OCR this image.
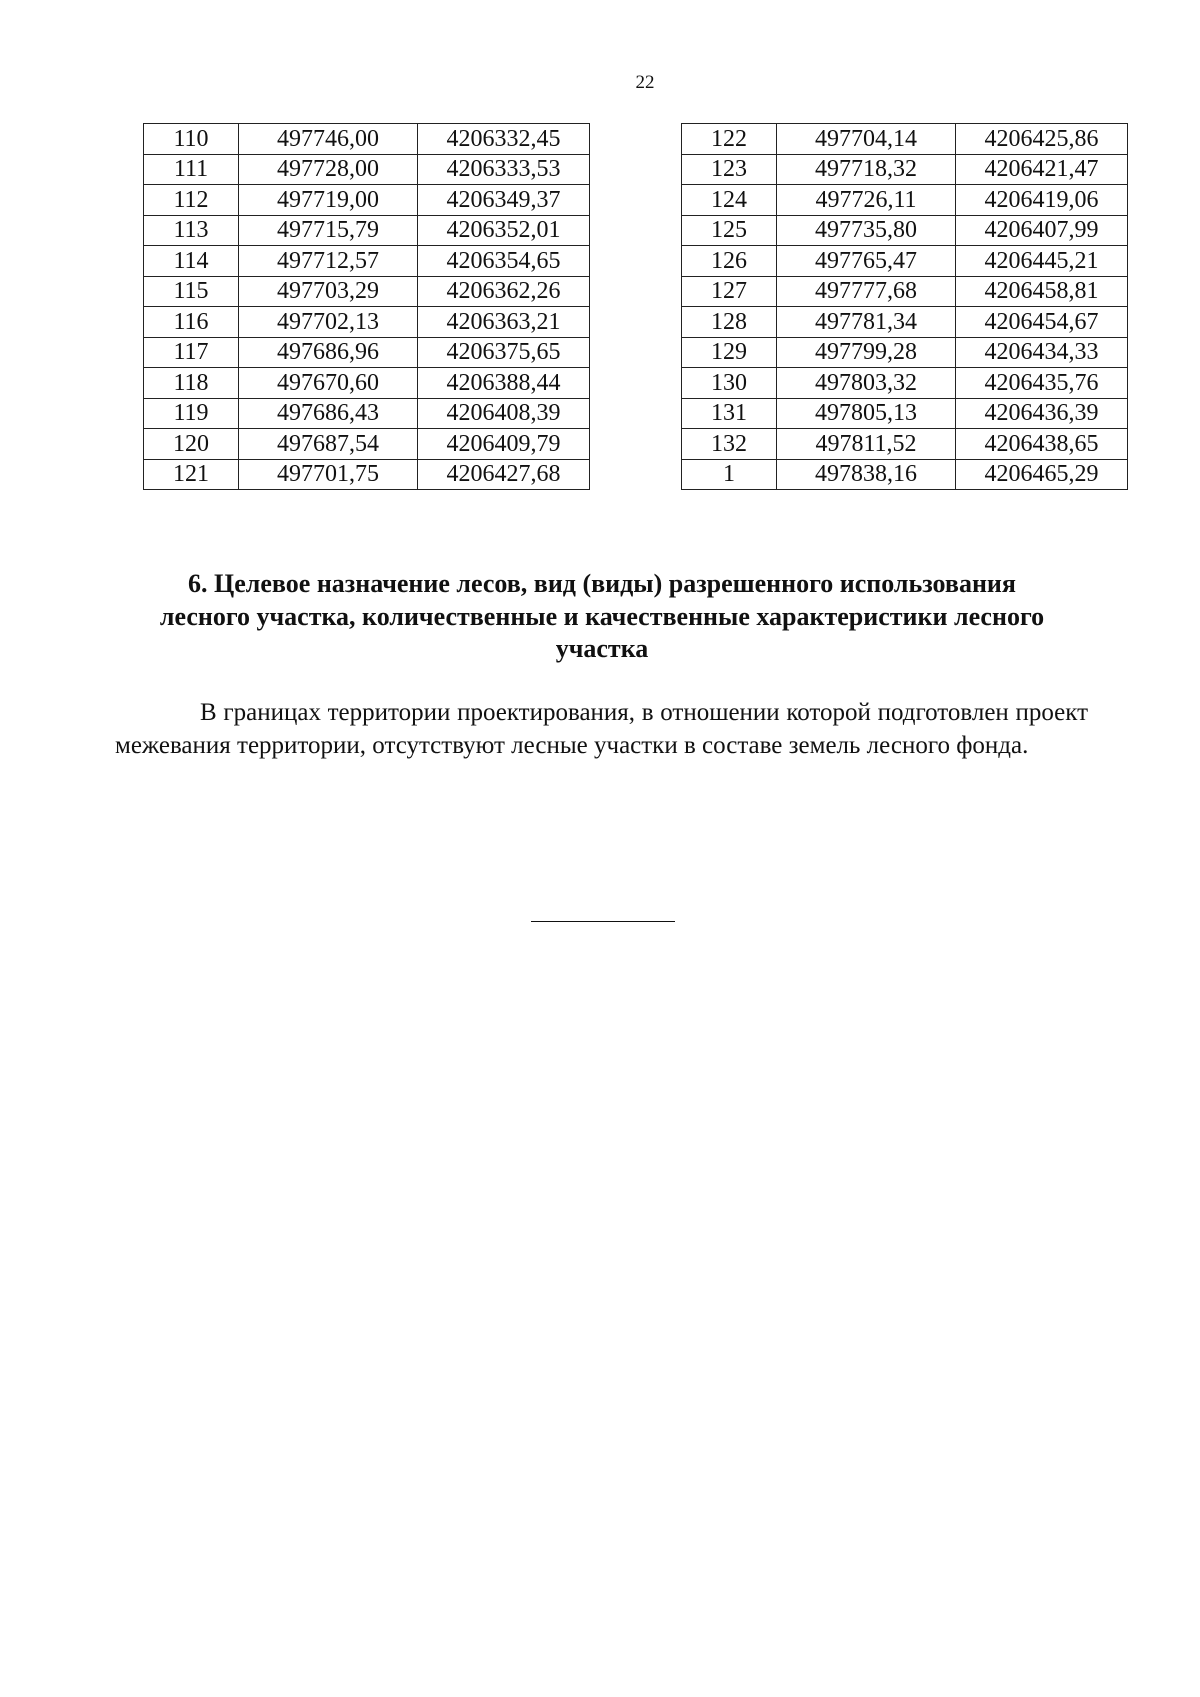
22
110	497746,00	4206332,45
111	497728,00	4206333,53
112	497719,00	4206349,37
113	497715,79	4206352,01
114	497712,57	4206354,65
115	497703,29	4206362,26
116	497702,13	4206363,21
117	497686,96	4206375,65
118	497670,60	4206388,44
119	497686,43	4206408,39
120	497687,54	4206409,79
121	497701,75	4206427,68
122	497704,14	4206425,86
123	497718,32	4206421,47
124	497726,11	4206419,06
125	497735,80	4206407,99
126	497765,47	4206445,21
127	497777,68	4206458,81
128	497781,34	4206454,67
129	497799,28	4206434,33
130	497803,32	4206435,76
131	497805,13	4206436,39
132	497811,52	4206438,65
1	497838,16	4206465,29
6. Целевое назначение лесов, вид (виды) разрешенного использования
лесного участка, количественные и качественные характеристики лесного
участка

В границах территории проектирования, в отношении которой подготовлен проект межевания территории, отсутствуют лесные участки в составе земель лесного фонда.
